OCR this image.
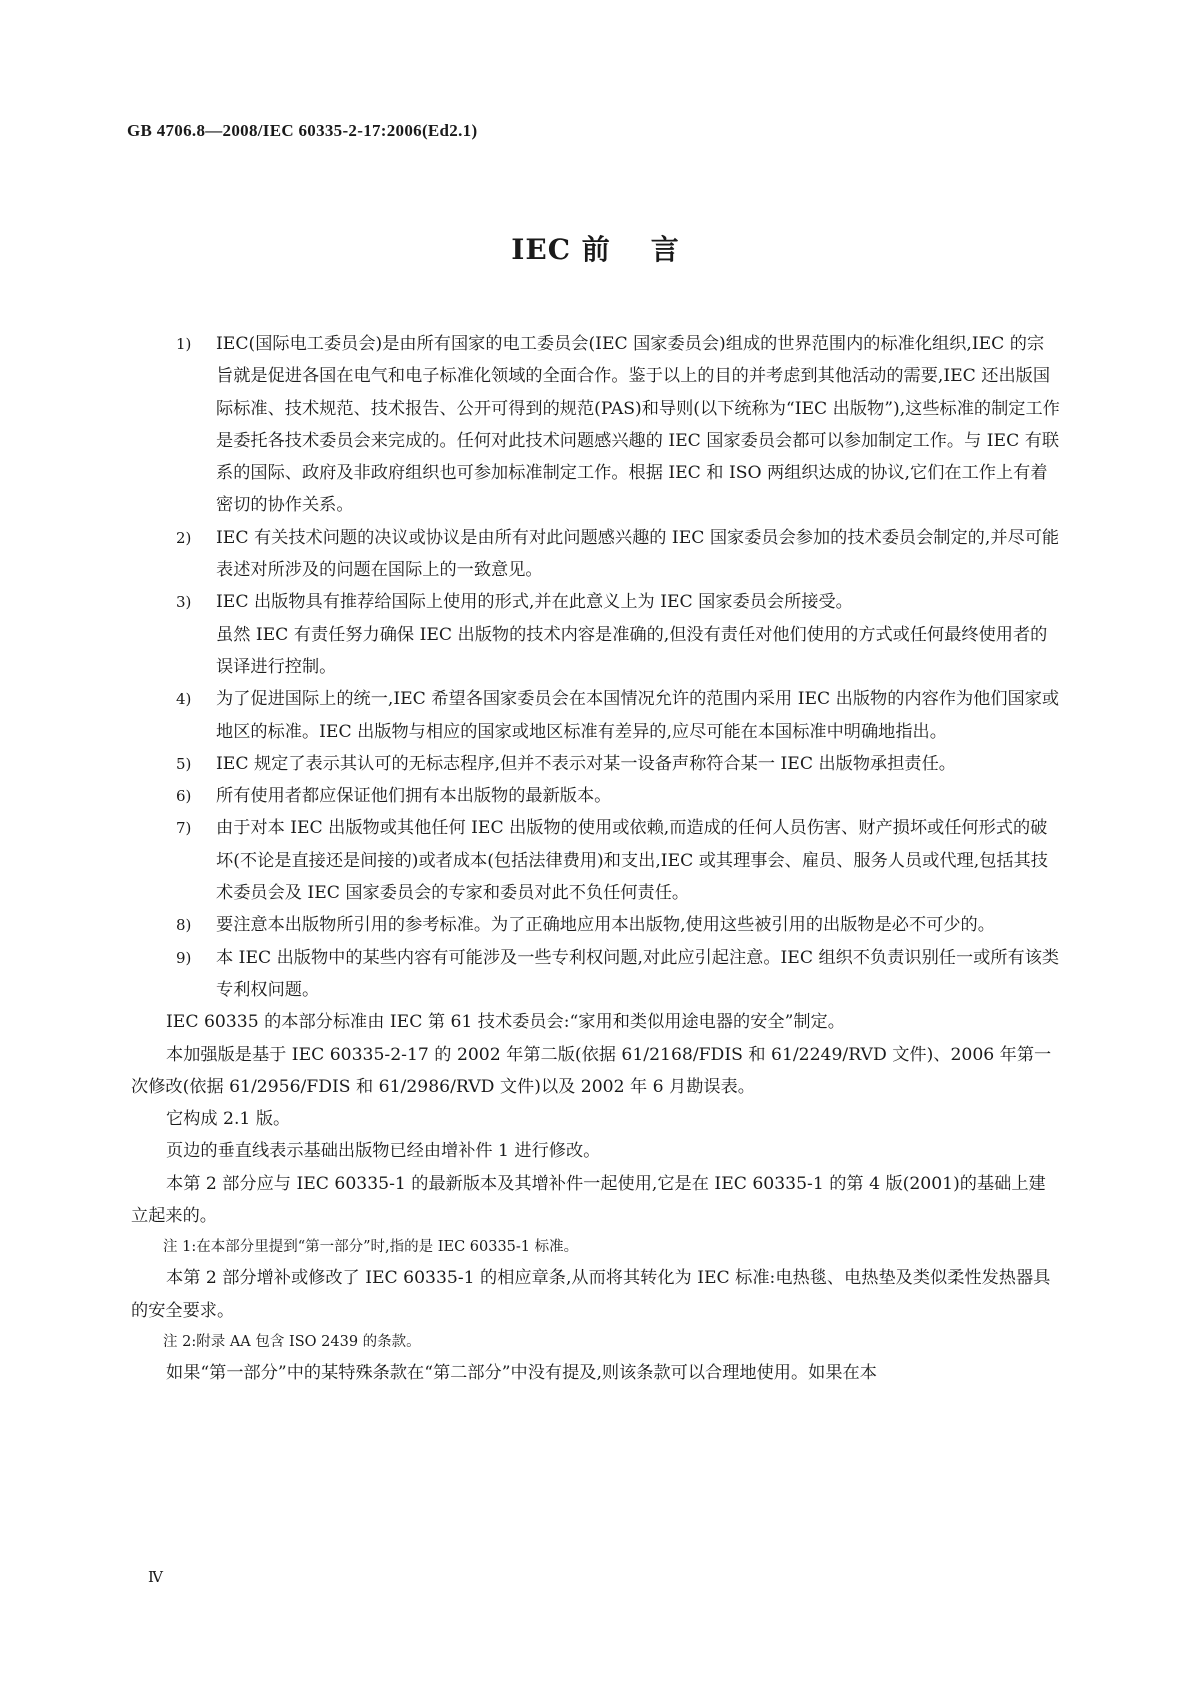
GB 4706.8—2008/IEC 60335-2-17:2006(Ed2.1)
IEC 前 言
1) IEC(国际电工委员会)是由所有国家的电工委员会(IEC 国家委员会)组成的世界范围内的标准化组织,IEC 的宗旨就是促进各国在电气和电子标准化领域的全面合作。鉴于以上的目的并考虑到其他活动的需要,IEC 还出版国际标准、技术规范、技术报告、公开可得到的规范(PAS)和导则(以下统称为“IEC 出版物”),这些标准的制定工作是委托各技术委员会来完成的。任何对此技术问题感兴趣的 IEC 国家委员会都可以参加制定工作。与 IEC 有联系的国际、政府及非政府组织也可参加标准制定工作。根据 IEC 和 ISO 两组织达成的协议,它们在工作上有着密切的协作关系。
2) IEC 有关技术问题的决议或协议是由所有对此问题感兴趣的 IEC 国家委员会参加的技术委员会制定的,并尽可能表述对所涉及的问题在国际上的一致意见。
3) IEC 出版物具有推荐给国际上使用的形式,并在此意义上为 IEC 国家委员会所接受。
虽然 IEC 有责任努力确保 IEC 出版物的技术内容是准确的,但没有责任对他们使用的方式或任何最终使用者的误译进行控制。
4) 为了促进国际上的统一,IEC 希望各国家委员会在本国情况允许的范围内采用 IEC 出版物的内容作为他们国家或地区的标准。IEC 出版物与相应的国家或地区标准有差异的,应尽可能在本国标准中明确地指出。
5) IEC 规定了表示其认可的无标志程序,但并不表示对某一设备声称符合某一 IEC 出版物承担责任。
6) 所有使用者都应保证他们拥有本出版物的最新版本。
7) 由于对本 IEC 出版物或其他任何 IEC 出版物的使用或依赖,而造成的任何人员伤害、财产损坏或任何形式的破坏(不论是直接还是间接的)或者成本(包括法律费用)和支出,IEC 或其理事会、雇员、服务人员或代理,包括其技术委员会及 IEC 国家委员会的专家和委员对此不负任何责任。
8) 要注意本出版物所引用的参考标准。为了正确地应用本出版物,使用这些被引用的出版物是必不可少的。
9) 本 IEC 出版物中的某些内容有可能涉及一些专利权问题,对此应引起注意。IEC 组织不负责识别任一或所有该类专利权问题。
IEC 60335 的本部分标准由 IEC 第 61 技术委员会:“家用和类似用途电器的安全”制定。
本加强版是基于 IEC 60335-2-17 的 2002 年第二版(依据 61/2168/FDIS 和 61/2249/RVD 文件)、2006 年第一次修改(依据 61/2956/FDIS 和 61/2986/RVD 文件)以及 2002 年 6 月勘误表。
它构成 2.1 版。
页边的垂直线表示基础出版物已经由增补件 1 进行修改。
本第 2 部分应与 IEC 60335-1 的最新版本及其增补件一起使用,它是在 IEC 60335-1 的第 4 版(2001)的基础上建立起来的。
注 1:在本部分里提到“第一部分”时,指的是 IEC 60335-1 标准。
本第 2 部分增补或修改了 IEC 60335-1 的相应章条,从而将其转化为 IEC 标准:电热毯、电热垫及类似柔性发热器具的安全要求。
注 2:附录 AA 包含 ISO 2439 的条款。
如果“第一部分”中的某特殊条款在“第二部分”中没有提及,则该条款可以合理地使用。如果在本
Ⅳ
